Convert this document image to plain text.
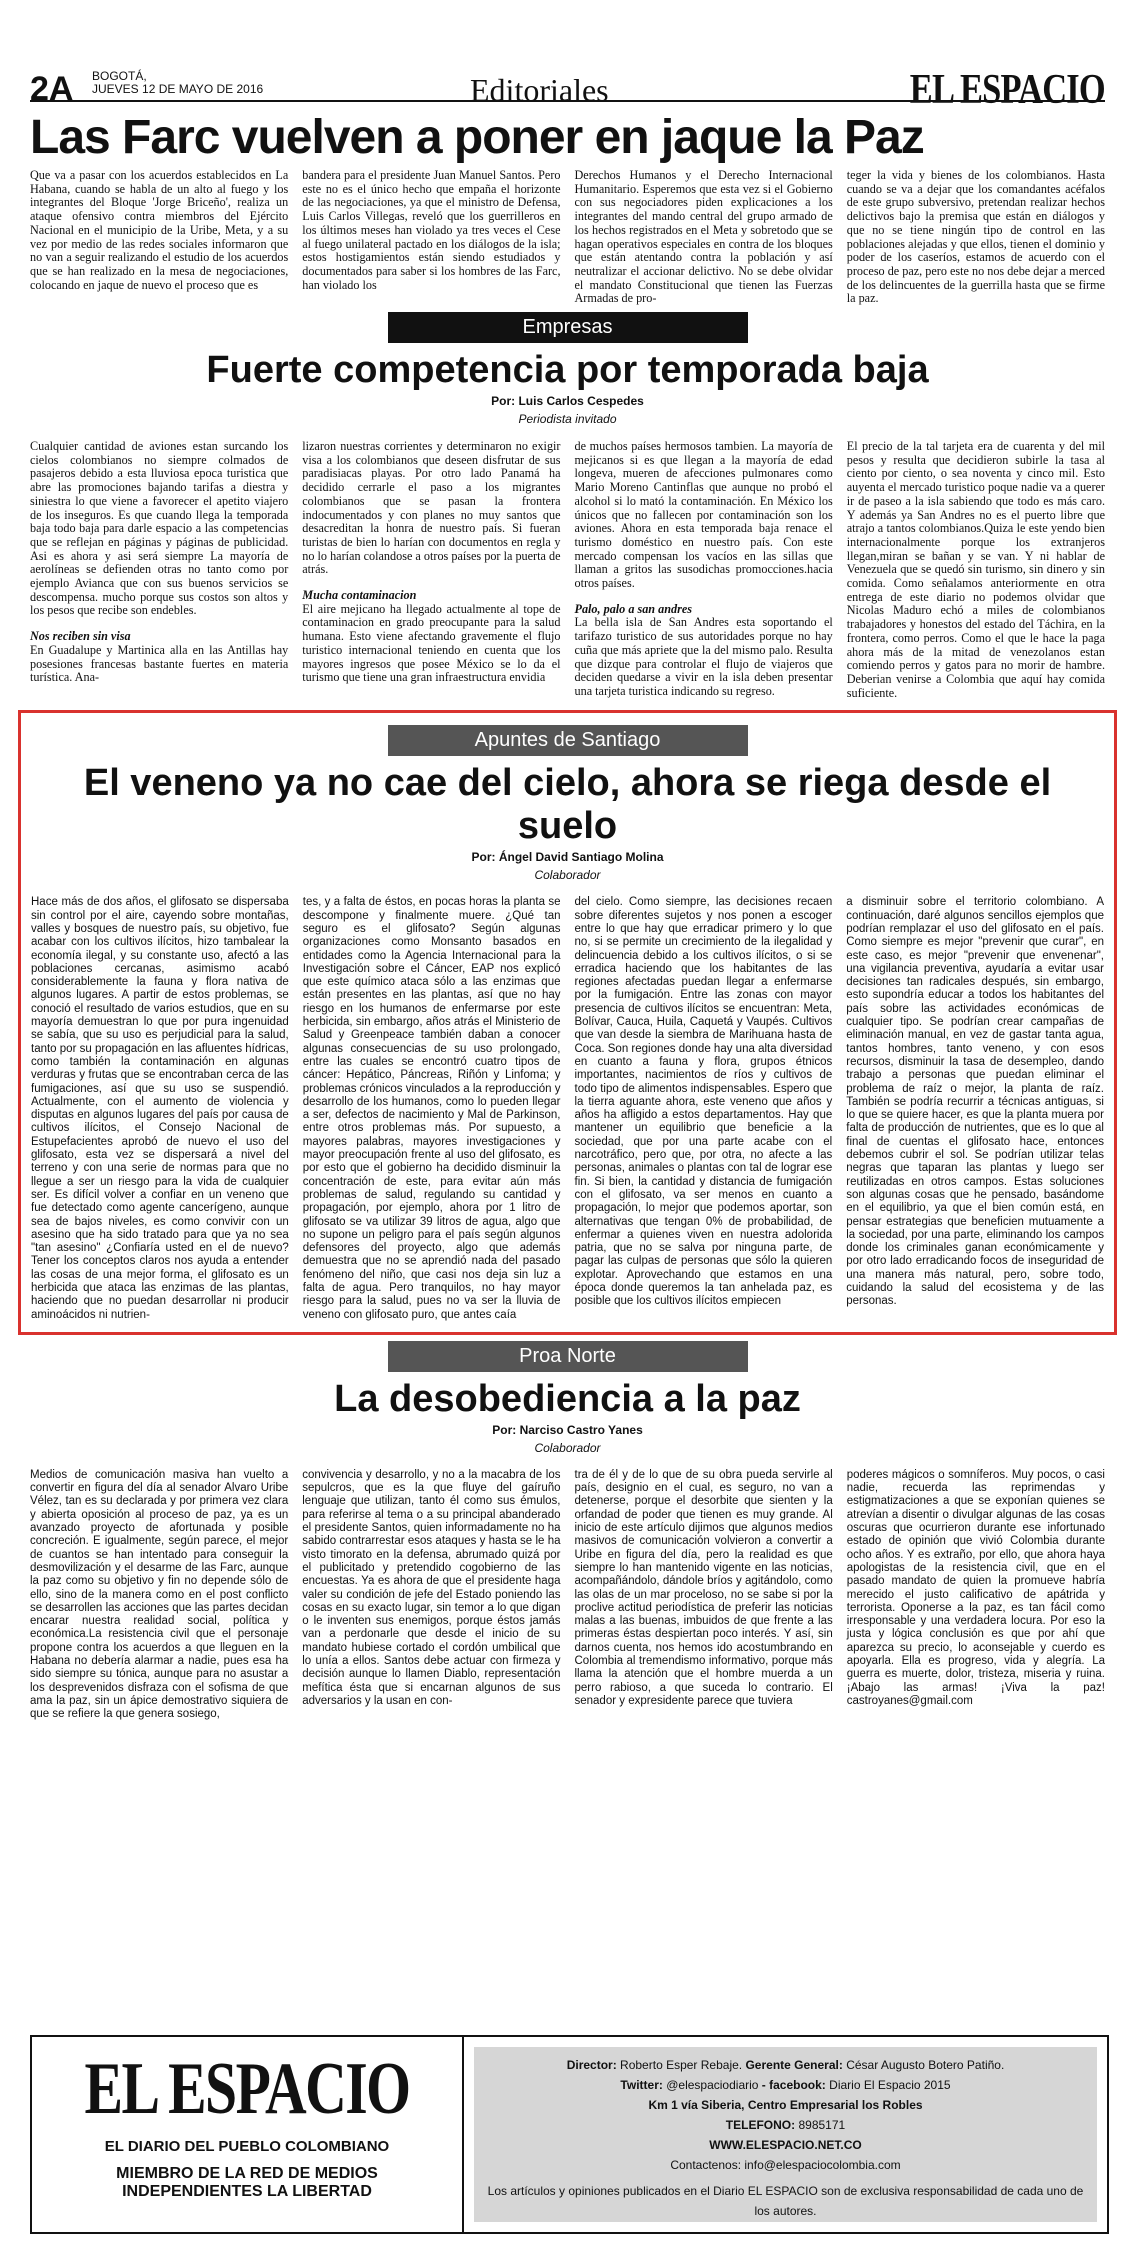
2A BOGOTÁ,
JUEVES 12 DE MAYO DE 2016	Editoriales	EL ESPACIO
Las Farc vuelven a poner en jaque la Paz
Que va a pasar con los acuerdos establecidos en La Habana, cuando se habla de un alto al fuego y los integrantes del Bloque 'Jorge Briceño', realiza un ataque ofensivo contra miembros del Ejército Nacional en el municipio de la Uribe, Meta, y a su vez por medio de las redes sociales informaron que no van a seguir realizando el estudio de los acuerdos que se han realizado en la mesa de negociaciones, colocando en jaque de nuevo el proceso que es
bandera para el presidente Juan Manuel Santos. Pero este no es el único hecho que empaña el horizonte de las negociaciones, ya que el ministro de Defensa, Luis Carlos Villegas, reveló que los guerrilleros en los últimos meses han violado ya tres veces el Cese al fuego unilateral pactado en los diálogos de la isla; estos hostigamientos están siendo estudiados y documentados para saber si los hombres de las Farc, han violado los
Derechos Humanos y el Derecho Internacional Humanitario. Esperemos que esta vez si el Gobierno con sus negociadores piden explicaciones a los integrantes del mando central del grupo armado de los hechos registrados en el Meta y sobretodo que se hagan operativos especiales en contra de los bloques que están atentando contra la población y así neutralizar el accionar delictivo. No se debe olvidar el mandato Constitucional que tienen las Fuerzas Armadas de pro-
teger la vida y bienes de los colombianos. Hasta cuando se va a dejar que los comandantes acéfalos de este grupo subversivo, pretendan realizar hechos delictivos bajo la premisa que están en diálogos y que no se tiene ningún tipo de control en las poblaciones alejadas y que ellos, tienen el dominio y poder de los caseríos, estamos de acuerdo con el proceso de paz, pero este no nos debe dejar a merced de los delincuentes de la guerrilla hasta que se firme la paz.
Empresas
Fuerte competencia por temporada baja
Por: Luis Carlos Cespedes
Periodista invitado

Cualquier cantidad de aviones estan surcando los cielos colombianos no siempre colmados de pasajeros debido a esta lluviosa epoca turistica que abre las promociones bajando tarifas a diestra y siniestra lo que viene a favorecer el apetito viajero de los inseguros. Es que cuando llega la temporada baja todo baja para darle espacio a las competencias que se reflejan en páginas y páginas de publicidad. Asi es ahora y asi será siempre La mayoría de aerolíneas se defienden otras no tanto como por ejemplo Avianca que con sus buenos servicios se descompensa. mucho porque sus costos son altos y los pesos que recibe son endebles.

Nos reciben sin visa

En Guadalupe y Martinica alla en las Antillas hay posesiones francesas bastante fuertes en materia turística. Ana-

lizaron nuestras corrientes y determinaron no exigir visa a los colombianos que deseen disfrutar de sus paradisiacas playas. Por otro lado Panamá ha decidido cerrarle el paso a los migrantes colombianos que se pasan la frontera indocumentados y con planes no muy santos que desacreditan la honra de nuestro país. Si fueran turistas de bien lo harían con documentos en regla y no lo harían colandose a otros países por la puerta de atrás.

Mucha contaminacion

El aire mejicano ha llegado actualmente al tope de contaminacion en grado preocupante para la salud humana. Esto viene afectando gravemente el flujo turistico internacional teniendo en cuenta que los mayores ingresos que posee México se lo da el turismo que tiene una gran infraestructura envidia

de muchos países hermosos tambien. La mayoría de mejicanos si es que llegan a la mayoría de edad longeva, mueren de afecciones pulmonares como Mario Moreno Cantinflas que aunque no probó el alcohol si lo mató la contaminación. En México los únicos que no fallecen por contaminación son los aviones. Ahora en esta temporada baja renace el turismo doméstico en nuestro país. Con este mercado compensan los vacíos en las sillas que llaman a gritos las susodichas promocciones.hacia otros países.

Palo, palo a san andres

La bella isla de San Andres esta soportando el tarifazo turistico de sus autoridades porque no hay cuña que más apriete que la del mismo palo. Resulta que dizque para controlar el flujo de viajeros que deciden quedarse a vivir en la isla deben presentar una tarjeta turistica indicando su regreso.

El precio de la tal tarjeta era de cuarenta y del mil pesos y resulta que decidieron subirle la tasa al ciento por ciento, o sea noventa y cinco mil. Esto auyenta el mercado turistico poque nadie va a querer ir de paseo a la isla sabiendo que todo es más caro. Y además ya San Andres no es el puerto libre que atrajo a tantos colombianos.Quiza le este yendo bien internacionalmente porque los extranjeros llegan,miran se bañan y se van. Y ni hablar de Venezuela que se quedó sin turismo, sin dinero y sin comida. Como señalamos anteriormente en otra entrega de este diario no podemos olvidar que Nicolas Maduro echó a miles de colombianos trabajadores y honestos del estado del Táchira, en la frontera, como perros. Como el que le hace la paga ahora más de la mitad de venezolanos estan comiendo perros y gatos para no morir de hambre. Deberian venirse a Colombia que aquí hay comida suficiente.

Apuntes de Santiago
El veneno ya no cae del cielo, ahora se riega desde el suelo
Por: Ángel David Santiago Molina
Colaborador
Hace más de dos años, el glifosato se dispersaba sin control por el aire, cayendo sobre montañas, valles y bosques de nuestro país, su objetivo, fue acabar con los cultivos ilícitos, hizo tambalear la economía ilegal, y su constante uso, afectó a las poblaciones cercanas, asimismo acabó considerablemente la fauna y flora nativa de algunos lugares. A partir de estos problemas, se conoció el resultado de varios estudios, que en su mayoría demuestran lo que por pura ingenuidad se sabía, que su uso es perjudicial para la salud, tanto por su propagación en las afluentes hídricas, como también la contaminación en algunas verduras y frutas que se encontraban cerca de las fumigaciones, así que su uso se suspendió. Actualmente, con el aumento de violencia y disputas en algunos lugares del país por causa de cultivos ilícitos, el Consejo Nacional de Estupefacientes aprobó de nuevo el uso del glifosato, esta vez se dispersará a nivel del terreno y con una serie de normas para que no llegue a ser un riesgo para la vida de cualquier ser. Es difícil volver a confiar en un veneno que fue detectado como agente cancerígeno, aunque sea de bajos niveles, es como convivir con un asesino que ha sido tratado para que ya no sea "tan asesino" ¿Confiaría usted en el de nuevo? Tener los conceptos claros nos ayuda a entender las cosas de una mejor forma, el glifosato es un herbicida que ataca las enzimas de las plantas, haciendo que no puedan desarrollar ni producir aminoácidos ni nutrien-
tes, y a falta de éstos, en pocas horas la planta se descompone y finalmente muere. ¿Qué tan seguro es el glifosato? Según algunas organizaciones como Monsanto basados en entidades como la Agencia Internacional para la Investigación sobre el Cáncer, EAP nos explicó que este químico ataca sólo a las enzimas que están presentes en las plantas, así que no hay riesgo en los humanos de enfermarse por este herbicida, sin embargo, años atrás el Ministerio de Salud y Greenpeace también daban a conocer algunas consecuencias de su uso prolongado, entre las cuales se encontró cuatro tipos de cáncer: Hepático, Páncreas, Riñón y Linfoma; y problemas crónicos vinculados a la reproducción y desarrollo de los humanos, como lo pueden llegar a ser, defectos de nacimiento y Mal de Parkinson, entre otros problemas más. Por supuesto, a mayores palabras, mayores investigaciones y mayor preocupación frente al uso del glifosato, es por esto que el gobierno ha decidido disminuir la concentración de este, para evitar aún más problemas de salud, regulando su cantidad y propagación, por ejemplo, ahora por 1 litro de glifosato se va utilizar 39 litros de agua, algo que no supone un peligro para el país según algunos defensores del proyecto, algo que además demuestra que no se aprendió nada del pasado fenómeno del niño, que casi nos deja sin luz a falta de agua. Pero tranquilos, no hay mayor riesgo para la salud, pues no va ser la lluvia de veneno con glifosato puro, que antes caía
del cielo. Como siempre, las decisiones recaen sobre diferentes sujetos y nos ponen a escoger entre lo que hay que erradicar primero y lo que no, si se permite un crecimiento de la ilegalidad y delincuencia debido a los cultivos ilícitos, o si se erradica haciendo que los habitantes de las regiones afectadas puedan llegar a enfermarse por la fumigación. Entre las zonas con mayor presencia de cultivos ilícitos se encuentran: Meta, Bolívar, Cauca, Huila, Caquetá y Vaupés. Cultivos que van desde la siembra de Marihuana hasta de Coca. Son regiones donde hay una alta diversidad en cuanto a fauna y flora, grupos étnicos importantes, nacimientos de ríos y cultivos de todo tipo de alimentos indispensables. Espero que la tierra aguante ahora, este veneno que años y años ha afligido a estos departamentos. Hay que mantener un equilibrio que beneficie a la sociedad, que por una parte acabe con el narcotráfico, pero que, por otra, no afecte a las personas, animales o plantas con tal de lograr ese fin. Si bien, la cantidad y distancia de fumigación con el glifosato, va ser menos en cuanto a propagación, lo mejor que podemos aportar, son alternativas que tengan 0% de probabilidad, de enfermar a quienes viven en nuestra adolorida patria, que no se salva por ninguna parte, de pagar las culpas de personas que sólo la quieren explotar. Aprovechando que estamos en una época donde queremos la tan anhelada paz, es posible que los cultivos ilícitos empiecen
a disminuir sobre el territorio colombiano. A continuación, daré algunos sencillos ejemplos que podrían remplazar el uso del glifosato en el país. Como siempre es mejor "prevenir que curar", en este caso, es mejor "prevenir que envenenar", una vigilancia preventiva, ayudaría a evitar usar decisiones tan radicales después, sin embargo, esto supondría educar a todos los habitantes del país sobre las actividades económicas de cualquier tipo. Se podrían crear campañas de eliminación manual, en vez de gastar tanta agua, tantos hombres, tanto veneno, y con esos recursos, disminuir la tasa de desempleo, dando trabajo a personas que puedan eliminar el problema de raíz o mejor, la planta de raíz. También se podría recurrir a técnicas antiguas, si lo que se quiere hacer, es que la planta muera por falta de producción de nutrientes, que es lo que al final de cuentas el glifosato hace, entonces debemos cubrir el sol. Se podrían utilizar telas negras que taparan las plantas y luego ser reutilizadas en otros campos. Estas soluciones son algunas cosas que he pensado, basándome en el equilibrio, ya que el bien común está, en pensar estrategias que beneficien mutuamente a la sociedad, por una parte, eliminando los campos donde los criminales ganan económicamente y por otro lado erradicando focos de inseguridad de una manera más natural, pero, sobre todo, cuidando la salud del ecosistema y de las personas.
Proa Norte
La desobediencia a la paz
Por: Narciso Castro Yanes
Colaborador
Medios de comunicación masiva han vuelto a convertir en figura del día al senador Alvaro Uribe Vélez, tan es su declarada y por primera vez clara y abierta oposición al proceso de paz, ya es un avanzado proyecto de afortunada y posible concreción. E igualmente, según parece, el mejor de cuantos se han intentado para conseguir la desmovilización y el desarme de las Farc, aunque la paz como su objetivo y fin no depende sólo de ello, sino de la manera como en el post conflicto se desarrollen las acciones que las partes decidan encarar nuestra realidad social, política y económica.La resistencia civil que el personaje propone contra los acuerdos a que lleguen en la Habana no debería alarmar a nadie, pues esa ha sido siempre su tónica, aunque para no asustar a los desprevenidos disfraza con el sofisma de que ama la paz, sin un ápice demostrativo siquiera de que se refiere la que genera sosiego,
convivencia y desarrollo, y no a la macabra de los sepulcros, que es la que fluye del gaíruño lenguaje que utilizan, tanto él como sus émulos, para referirse al tema o a su principal abanderado el presidente Santos, quien informadamente no ha sabido contrarrestar esos ataques y hasta se le ha visto timorato en la defensa, abrumado quizá por el publicitado y pretendido cogobierno de las encuestas. Ya es ahora de que el presidente haga valer su condición de jefe del Estado poniendo las cosas en su exacto lugar, sin temor a lo que digan o le inventen sus enemigos, porque éstos jamás van a perdonarle que desde el inicio de su mandato hubiese cortado el cordón umbilical que lo unía a ellos. Santos debe actuar con firmeza y decisión aunque lo llamen Diablo, representación mefítica ésta que si encarnan algunos de sus adversarios y la usan en con-
tra de él y de lo que de su obra pueda servirle al país, designio en el cual, es seguro, no van a detenerse, porque el desorbite que sienten y la orfandad de poder que tienen es muy grande. Al inicio de este artículo dijimos que algunos medios masivos de comunicación volvieron a convertir a Uribe en figura del día, pero la realidad es que siempre lo han mantenido vigente en las noticias, acompañándolo, dándole bríos y agitándolo, como las olas de un mar proceloso, no se sabe si por la proclive actitud periodística de preferir las noticias malas a las buenas, imbuidos de que frente a las primeras éstas despiertan poco interés. Y así, sin darnos cuenta, nos hemos ido acostumbrando en Colombia al tremendismo informativo, porque más llama la atención que el hombre muerda a un perro rabioso, a que suceda lo contrario. El senador y expresidente parece que tuviera
poderes mágicos o somníferos. Muy pocos, o casi nadie, recuerda las reprimendas y estigmatizaciones a que se exponían quienes se atrevían a disentir o divulgar algunas de las cosas oscuras que ocurrieron durante ese infortunado estado de opinión que vivió Colombia durante ocho años. Y es extraño, por ello, que ahora haya apologistas de la resistencia civil, que en el pasado mandato de quien la promueve habría merecido el justo calificativo de apátrida y terrorista. Oponerse a la paz, es tan fácil como irresponsable y una verdadera locura. Por eso la justa y lógica conclusión es que por ahí que aparezca su precio, lo aconsejable y cuerdo es apoyarla. Ella es progreso, vida y alegría. La guerra es muerte, dolor, tristeza, miseria y ruina. ¡Abajo las armas! ¡Viva la paz! castroyanes@gmail.com
EL ESPACIO
EL DIARIO DEL PUEBLO COLOMBIANO
MIEMBRO DE LA RED DE MEDIOS
INDEPENDIENTES LA LIBERTAD
Director: Roberto Esper Rebaje. Gerente General: César Augusto Botero Patiño.
Twitter: @elespaciodiario - facebook: Diario El Espacio 2015
Km 1 vía Siberia, Centro Empresarial los Robles
TELEFONO: 8985171
WWW.ELESPACIO.NET.CO
Contactenos: info@elespaciocolombia.com
Los artículos y opiniones publicados en el Diario EL ESPACIO son de exclusiva responsabilidad de cada uno de los autores.
